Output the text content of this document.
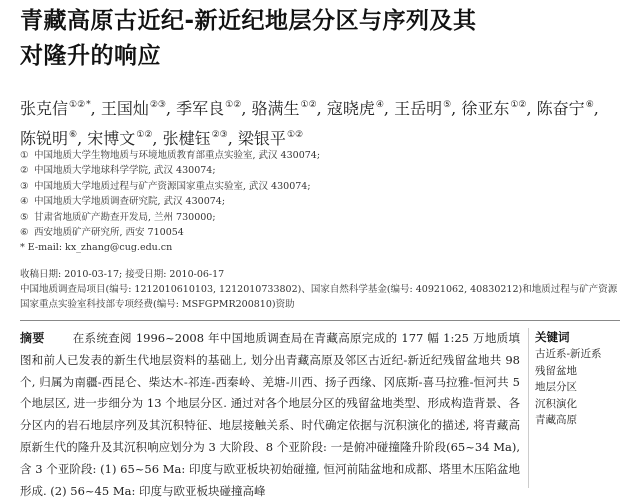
青藏高原古近纪-新近纪地层分区与序列及其
对隆升的响应
张克信①②*, 王国灿②③, 季军良①②, 骆满生①②, 寇晓虎④, 王岳明⑤, 徐亚东①②, 陈奋宁⑥, 陈锐明⑥, 宋博文①②, 张楗钰②③, 梁银平①②
① 中国地质大学生物地质与环境地质教育部重点实验室, 武汉 430074;
② 中国地质大学地球科学学院, 武汉 430074;
③ 中国地质大学地质过程与矿产资源国家重点实验室, 武汉 430074;
④ 中国地质大学地质调查研究院, 武汉 430074;
⑤ 甘肃省地质矿产勘查开发局, 兰州 730000;
⑥ 西安地质矿产研究所, 西安 710054
* E-mail: kx_zhang@cug.edu.cn
收稿日期: 2010-03-17; 接受日期: 2010-06-17
中国地质调查局项目(编号: 1212010610103, 1212010733802)、国家自然科学基金(编号: 40921062, 40830212)和地质过程与矿产资源国家重点实验室科技部专项经费(编号: MSFGPMR200810)资助
摘要 在系统查阅 1996~2008 年中国地质调查局在青藏高原完成的 177 幅 1:25 万地质填图和前人已发表的新生代地层资料的基础上, 划分出青藏高原及邻区古近纪-新近纪残留盆地共 98 个, 归属为南疆-西昆仑、柴达木-祁连-西秦岭、羌塘-川西、扬子西缘、冈底斯-喜马拉雅-恒河共 5 个地层区, 进一步细分为 13 个地层分区. 通过对各个地层分区的残留盆地类型、形成构造背景、各分区内的岩石地层序列及其沉积特征、地层接触关系、时代确定依据与沉积演化的描述, 将青藏高原新生代的隆升及其沉积响应划分为 3 大阶段、8 个亚阶段: 一是俯冲碰撞隆升阶段(65~34 Ma), 含 3 个亚阶段: (1) 65~56 Ma: 印度与欧亚板块初始碰撞, 恒河前陆盆地和成都、塔里木压陷盆地形成. (2) 56~45 Ma: 印度与欧亚板块碰撞高峰
关键词
古近系-新近系
残留盆地
地层分区
沉积演化
青藏高原
